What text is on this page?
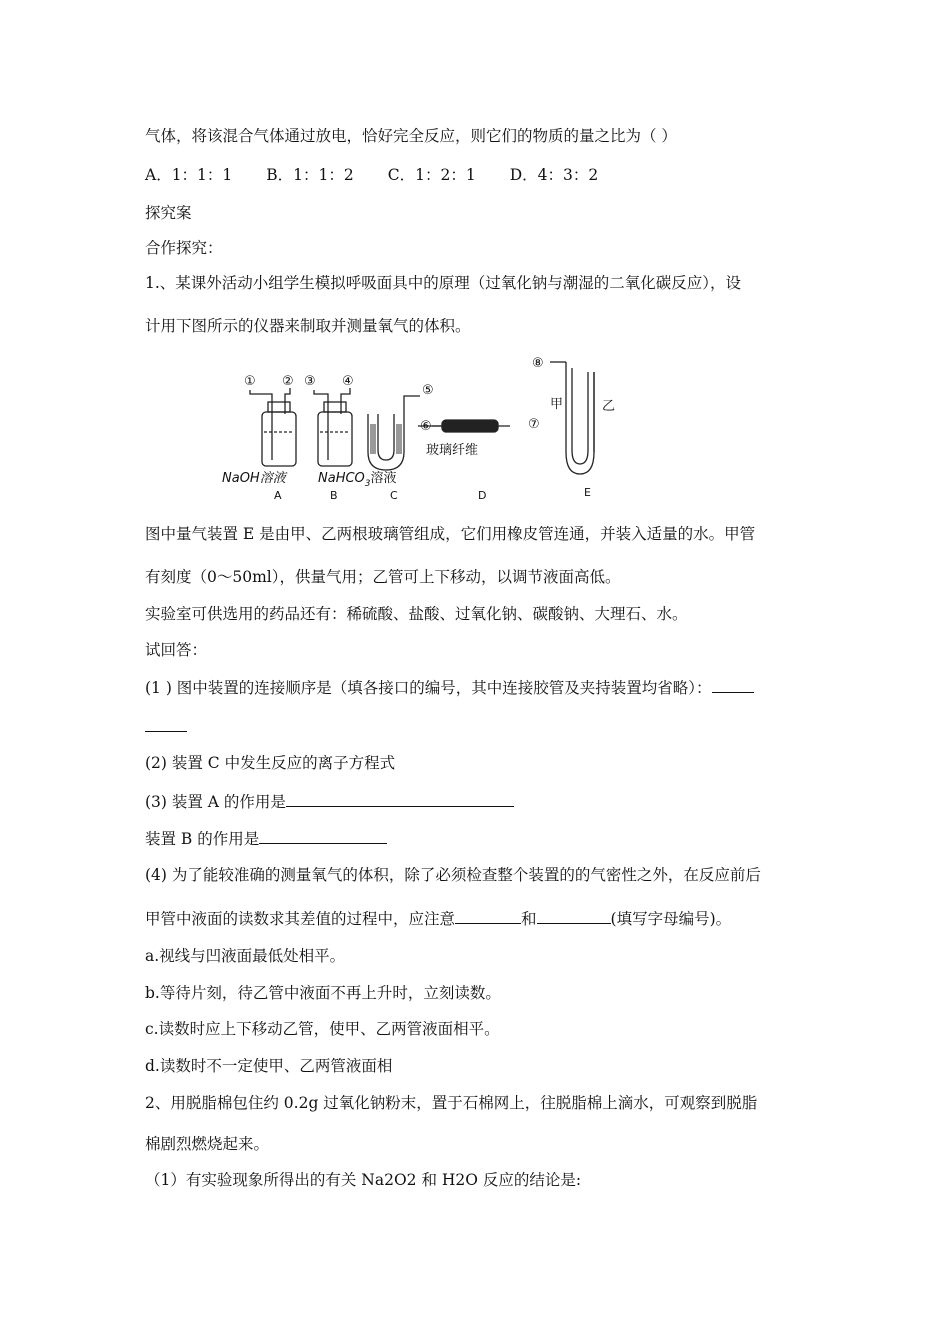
气体，将该混合气体通过放电，恰好完全反应，则它们的物质的量之比为（ ）
A．1：1：1 B．1：1：2 C．1：2：1 D．4：3：2
探究案
合作探究：
1.、某课外活动小组学生模拟呼吸面具中的原理（过氧化钠与潮湿的二氧化碳反应），设
计用下图所示的仪器来制取并测量氧气的体积。
① ② ③ ④
⑤
⑥	⑦
⑧
甲	乙
玻璃纤维
NaOH溶液 NaHCO$_3$溶液
A	B	C	D	E
图中量气装置 E 是由甲、乙两根玻璃管组成，它们用橡皮管连通，并装入适量的水。甲管
有刻度（0～50ml），供量气用；乙管可上下移动，以调节液面高低。
实验室可供选用的药品还有：稀硫酸、盐酸、过氧化钠、碳酸钠、大理石、水。
试回答：
(1 ) 图中装置的连接顺序是（填各接口的编号，其中连接胶管及夹持装置均省略）：
(2) 装置 C 中发生反应的离子方程式
(3) 装置 A 的作用是
装置 B 的作用是
(4) 为了能较准确的测量氧气的体积，除了必须检查整个装置的的气密性之外，在反应前后
甲管中液面的读数求其差值的过程中，应注意	和	(填写字母编号)。
a.视线与凹液面最低处相平。
b.等待片刻，待乙管中液面不再上升时，立刻读数。
c.读数时应上下移动乙管，使甲、乙两管液面相平。
d.读数时不一定使甲、乙两管液面相
2、用脱脂棉包住约 0.2g 过氧化钠粉末，置于石棉网上，往脱脂棉上滴水，可观察到脱脂
棉剧烈燃烧起来。
（1）有实验现象所得出的有关 Na2O2 和 H2O 反应的结论是:
